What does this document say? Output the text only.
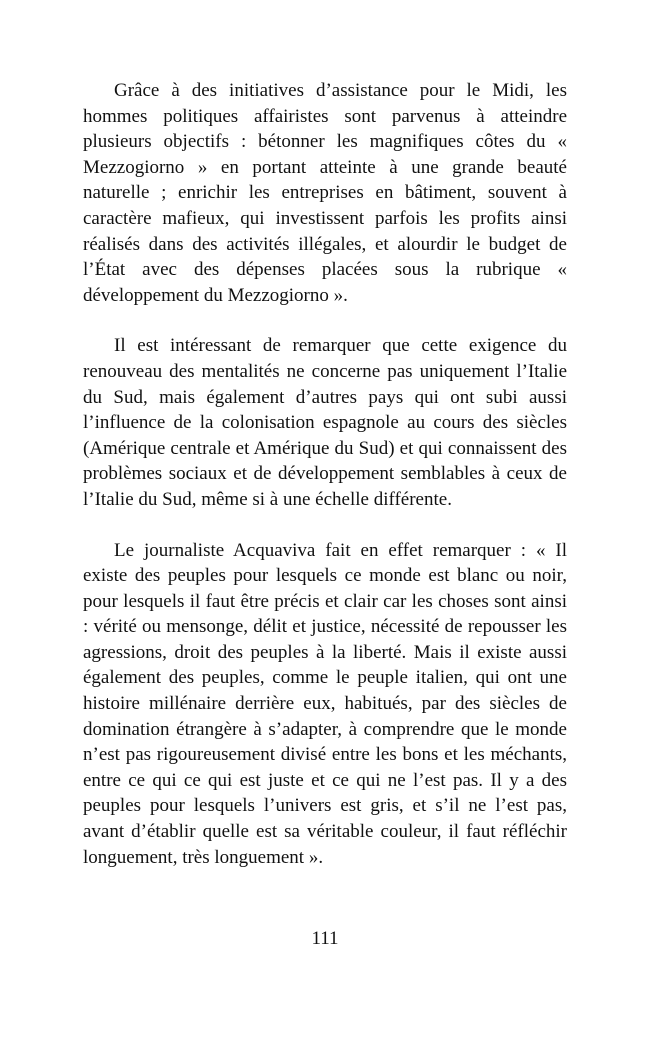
Grâce à des initiatives d’assistance pour le Midi, les hommes politiques affairistes sont parvenus à atteindre plusieurs objectifs : bétonner les magnifiques côtes du « Mezzogiorno » en portant atteinte à une grande beauté naturelle ; enrichir les entreprises en bâtiment, souvent à caractère mafieux, qui investissent parfois les profits ainsi réalisés dans des activités illégales, et alourdir le budget de l’État avec des dépenses placées sous la rubrique « développement du Mezzogiorno ».

Il est intéressant de remarquer que cette exigence du renouveau des mentalités ne concerne pas uniquement l’Italie du Sud, mais également d’autres pays qui ont subi aussi l’influence de la colonisation espagnole au cours des siècles (Amérique centrale et Amérique du Sud) et qui connaissent des problèmes sociaux et de développement semblables à ceux de l’Italie du Sud, même si à une échelle différente.

Le journaliste Acquaviva fait en effet remarquer : « Il existe des peuples pour lesquels ce monde est blanc ou noir, pour lesquels il faut être précis et clair car les choses sont ainsi : vérité ou mensonge, délit et justice, nécessité de repousser les agressions, droit des peuples à la liberté. Mais il existe aussi également des peuples, comme le peuple italien, qui ont une histoire millénaire derrière eux, habitués, par des siècles de domination étrangère à s’adapter, à comprendre que le monde n’est pas rigoureusement divisé entre les bons et les méchants, entre ce qui ce qui est juste et ce qui ne l’est pas. Il y a des peuples pour lesquels l’univers est gris, et s’il ne l’est pas, avant d’établir quelle est sa véritable couleur, il faut réfléchir longuement, très longuement ».

111
